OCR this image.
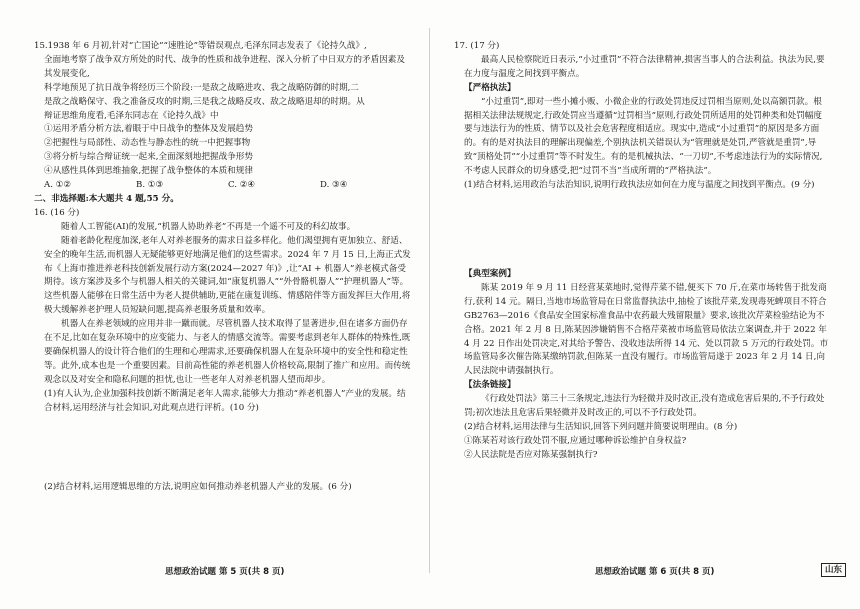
15.1938 年 6 月初,针对“亡国论”“速胜论”等错误观点,毛泽东同志发表了《论持久战》,

全面地考察了战争双方所处的时代、战争的性质和战争进程、深入分析了中日双方的矛盾因素及其发展变化,

科学地预见了抗日战争将经历三个阶段:一是敌之战略进攻、我之战略防御的时期,二

是敌之战略保守、我之准备反攻的时期,三是我之战略反攻、敌之战略退却的时期。从

辩证思维角度看,毛泽东同志在《论持久战》中

①运用矛盾分析方法,着眼于中日战争的整体及发展趋势

②把握性与局部性、动态性与静态性的统一中把握事物

③将分析与综合辩证统一起来,全面深刻地把握战争形势

④从感性具体到思维抽象,把握了战争整体的本质和规律

A. ①②	B. ①③	C. ②④	D. ③④

二、非选择题:本大题共 4 题,55 分。

16. (16 分)

随着人工智能(AI)的发展,“机器人协助养老”不再是一个遥不可及的科幻故事。

随着老龄化程度加深,老年人对养老服务的需求日益多样化。他们渴望拥有更加独立、舒适、安全的晚年生活,而机器人无疑能够更好地满足他们的这些需求。2024 年 7 月 15 日,上海正式发布《上海市推进养老科技创新发展行动方案(2024—2027 年)》,让“AI + 机器人”养老模式备受期待。该方案涉及多个与机器人相关的关键词,如“康复机器人”“外骨骼机器人”“护理机器人”等。这些机器人能够在日常生活中为老人提供辅助,更能在康复训练、情感陪伴等方面发挥巨大作用,将极大缓解养老护理人员短缺问题,提高养老服务质量和效率。

机器人在养老领域的应用并非一蹴而就。尽管机器人技术取得了显著进步,但在诸多方面仍存在不足,比如在复杂环境中的应变能力、与老人的情感交流等。需要考虑到老年人群体的特殊性,既要确保机器人的设计符合他们的生理和心理需求,还要确保机器人在复杂环境中的安全性和稳定性等。此外,成本也是一个重要因素。目前高性能的养老机器人价格较高,限制了推广和应用。而传统观念以及对安全和隐私问题的担忧,也让一些老年人对养老机器人望而却步。

(1)有人认为,企业加强科技创新不断满足老年人需求,能够大力推动“养老机器人”产业的发展。结合材料,运用经济与社会知识,对此观点进行评析。(10 分)

(2)结合材料,运用逻辑思维的方法,说明应如何推动养老机器人产业的发展。(6 分)

思想政治试题 第 5 页(共 8 页)

17. (17 分)

最高人民检察院近日表示,“小过重罚”不符合法律精神,损害当事人的合法利益。执法为民,要在力度与温度之间找到平衡点。

【严格执法】

“小过重罚”,即对一些小摊小贩、小微企业的行政处罚违反过罚相当原则,处以高额罚款。根据相关法律法规规定,行政处罚应当遵循“过罚相当”原则,行政处罚所适用的处罚种类和处罚幅度要与违法行为的性质、情节以及社会危害程度相适应。现实中,造成“小过重罚”的原因是多方面的。有的是对执法目的理解出现偏差,个别执法机关错误认为“管理就是处罚,严管就是重罚”,导致“顶格处罚”“小过重罚”等不时发生。有的是机械执法、“一刀切”,不考虑违法行为的实际情况,不考虑人民群众的切身感受,把“过罚不当”当成所谓的“严格执法”。

(1)结合材料,运用政治与法治知识,说明行政执法应如何在力度与温度之间找到平衡点。(9 分)

【典型案例】

陈某 2019 年 9 月 11 日经营某菜地时,觉得芹菜不错,便买下 70 斤,在菜市场转售于批发商行,获利 14 元。隔日,当地市场监管局在日常监督执法中,抽检了该批芹菜,发现毒死蜱项目不符合 GB2763—2016《食品安全国家标准食品中农药最大残留限量》要求,该批次芹菜检验结论为不合格。2021 年 2 月 8 日,陈某因涉嫌销售不合格芹菜被市场监管局依法立案调查,并于 2022 年 4 月 22 日作出处罚决定,对其给予警告、没收违法所得 14 元、处以罚款 5 万元的行政处罚。市场监管局多次催告陈某缴纳罚款,但陈某一直没有履行。市场监管局遂于 2023 年 2 月 14 日,向人民法院申请强制执行。

【法条链接】

《行政处罚法》第三十三条规定,违法行为轻微并及时改正,没有造成危害后果的,不予行政处罚;初次违法且危害后果轻微并及时改正的,可以不予行政处罚。

(2)结合材料,运用法律与生活知识,回答下列问题并简要说明理由。(8 分)

①陈某若对该行政处罚不服,应通过哪种诉讼维护自身权益?

②人民法院是否应对陈某强制执行?

思想政治试题 第 6 页(共 8 页)	山东
